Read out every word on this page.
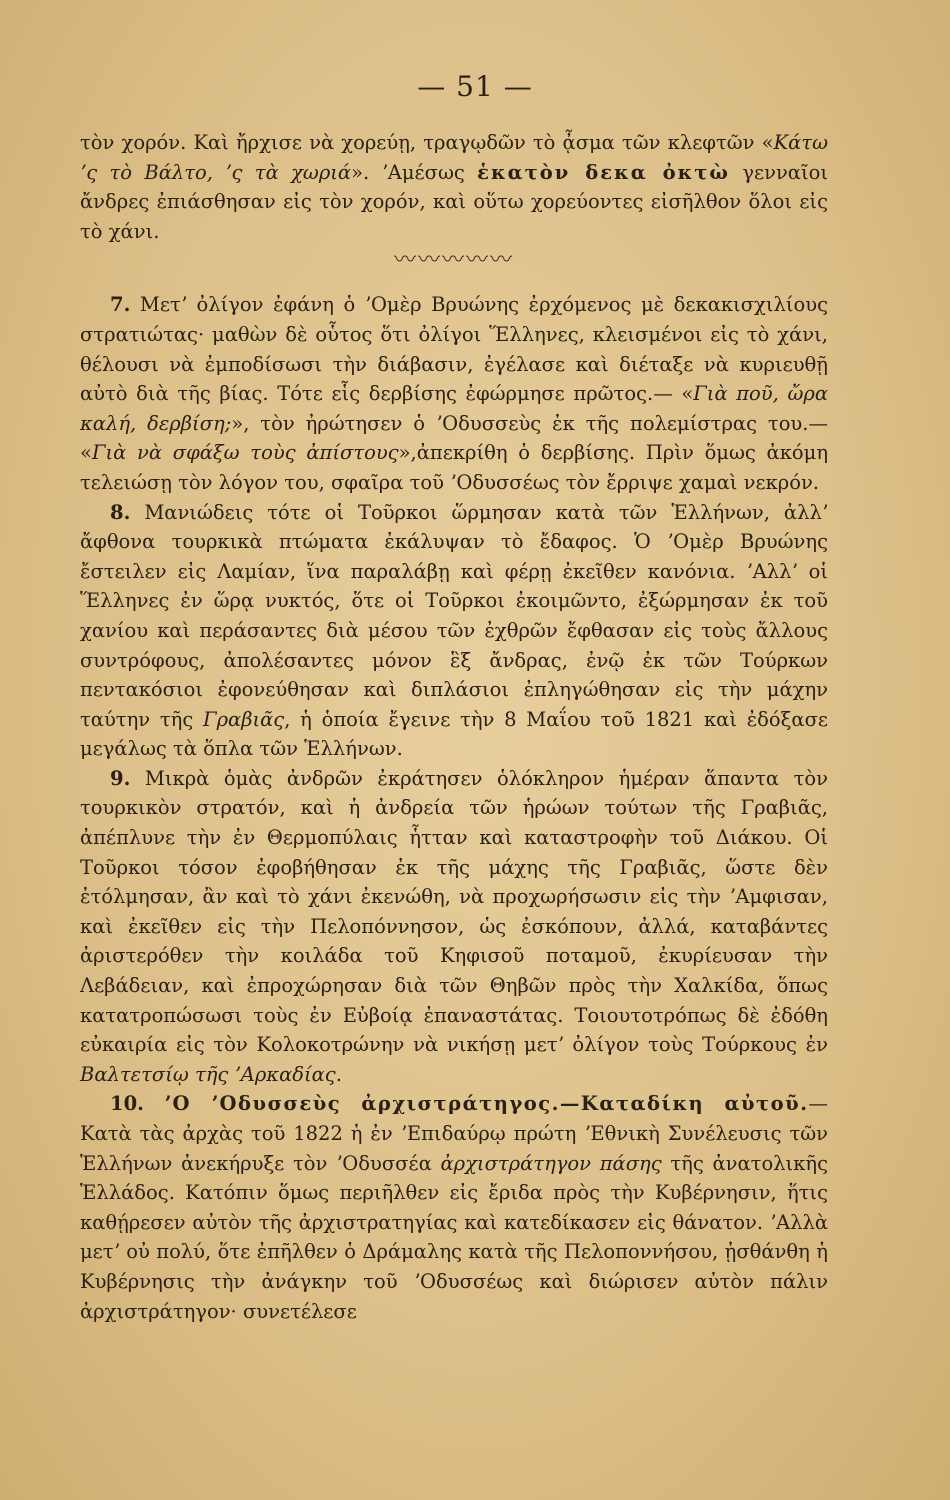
— 51 —

τὸν χορόν. Καὶ ἤρχισε νὰ χορεύῃ, τραγῳδῶν τὸ ᾆσμα τῶν κλεφτῶν «Κάτω ʼς τὸ Βάλτο, ʼς τὰ χωριά». ʼΑμέσως ἑκατὸν δεκα ὀκτὼ γενναῖοι ἄνδρες ἐπιάσθησαν εἰς τὸν χορόν, καὶ οὕτω χορεύοντες εἰσῆλθον ὅλοι εἰς τὸ χάνι.

〰〰〰〰〰

7. Μετʼ ὀλίγον ἐφάνη ὁ ʼΟμὲρ Βρυώνης ἐρχόμενος μὲ δεκακισχιλίους στρατιώτας· μαθὼν δὲ οὗτος ὅτι ὀλίγοι Ἕλληνες, κλεισμένοι εἰς τὸ χάνι, θέλουσι νὰ ἐμποδίσωσι τὴν διάβασιν, ἐγέλασε καὶ διέταξε νὰ κυριευθῇ αὐτὸ διὰ τῆς βίας. Τότε εἷς δερβίσης ἐφώρμησε πρῶτος.— «Γιὰ ποῦ, ὤρα καλή, δερβίση;», τὸν ἠρώτησεν ὁ ʼΟδυσσεὺς ἐκ τῆς πολεμίστρας του.— «Γιὰ νὰ σφάξω τοὺς ἀπίστους»,ἀπεκρίθη ὁ δερβίσης. Πρὶν ὅμως ἀκόμη τελειώσῃ τὸν λόγον του, σφαῖρα τοῦ ʼΟδυσσέως τὸν ἔρριψε χαμαὶ νεκρόν.

8. Μανιώδεις τότε οἱ Τοῦρκοι ὥρμησαν κατὰ τῶν Ἑλλήνων, ἀλλʼ ἄφθονα τουρκικὰ πτώματα ἐκάλυψαν τὸ ἔδαφος. Ὁ ʼΟμὲρ Βρυώνης ἔστειλεν εἰς Λαμίαν, ἵνα παραλάβῃ καὶ φέρῃ ἐκεῖθεν κανόνια. ʼΑλλʼ οἱ Ἕλληνες ἐν ὥρᾳ νυκτός, ὅτε οἱ Τοῦρκοι ἐκοιμῶντο, ἐξώρμησαν ἐκ τοῦ χανίου καὶ περάσαντες διὰ μέσου τῶν ἐχθρῶν ἔφθασαν εἰς τοὺς ἄλλους συντρόφους, ἀπολέσαντες μόνον ἓξ ἄνδρας, ἐνῷ ἐκ τῶν Τούρκων πεντακόσιοι ἐφονεύθησαν καὶ διπλάσιοι ἐπληγώθησαν εἰς τὴν μάχην ταύτην τῆς Γραβιᾶς, ἡ ὁποία ἔγεινε τὴν 8 Μαΐου τοῦ 1821 καὶ ἐδόξασε μεγάλως τὰ ὅπλα τῶν Ἑλλήνων.

9. Μικρὰ ὁμὰς ἀνδρῶν ἐκράτησεν ὁλόκληρον ἡμέραν ἅπαντα τὸν τουρκικὸν στρατόν, καὶ ἡ ἀνδρεία τῶν ἡρώων τούτων τῆς Γραβιᾶς, ἀπέπλυνε τὴν ἐν Θερμοπύλαις ἧτταν καὶ καταστροφὴν τοῦ Διάκου. Οἱ Τοῦρκοι τόσον ἐφοβήθησαν ἐκ τῆς μάχης τῆς Γραβιᾶς, ὥστε δὲν ἐτόλμησαν, ἂν καὶ τὸ χάνι ἐκενώθη, νὰ προχωρήσωσιν εἰς τὴν ʼΑμφισαν, καὶ ἐκεῖθεν εἰς τὴν Πελοπόννησον, ὡς ἐσκόπουν, ἀλλά, καταβάντες ἀριστερόθεν τὴν κοιλάδα τοῦ Κηφισοῦ ποταμοῦ, ἐκυρίευσαν τὴν Λεβάδειαν, καὶ ἐπροχώρησαν διὰ τῶν Θηβῶν πρὸς τὴν Χαλκίδα, ὅπως κατατροπώσωσι τοὺς ἐν Εὐβοίᾳ ἐπαναστάτας. Τοιουτοτρόπως δὲ ἐδόθη εὐκαιρία εἰς τὸν Κολοκοτρώνην νὰ νικήσῃ μετʼ ὀλίγον τοὺς Τούρκους ἐν Βαλτετσίῳ τῆς ʼΑρκαδίας.

10. ʼΟ ʼΟδυσσεὺς ἀρχιστράτηγος.—Καταδίκη αὐτοῦ.—Κατὰ τὰς ἀρχὰς τοῦ 1822 ἡ ἐν ʼΕπιδαύρῳ πρώτη ʼΕθνικὴ Συνέλευσις τῶν Ἑλλήνων ἀνεκήρυξε τὸν ʼΟδυσσέα ἀρχιστράτηγον πάσης τῆς ἀνατολικῆς Ἑλλάδος. Κατόπιν ὅμως περιῆλθεν εἰς ἔριδα πρὸς τὴν Κυβέρνησιν, ἥτις καθῄρεσεν αὐτὸν τῆς ἀρχιστρατηγίας καὶ κατεδίκασεν εἰς θάνατον. ʼΑλλὰ μετʼ οὐ πολύ, ὅτε ἐπῆλθεν ὁ Δράμαλης κατὰ τῆς Πελοποννήσου, ᾐσθάνθη ἡ Κυβέρνησις τὴν ἀνάγκην τοῦ ʼΟδυσσέως καὶ διώρισεν αὐτὸν πάλιν ἀρχιστράτηγον· συνετέλεσε
